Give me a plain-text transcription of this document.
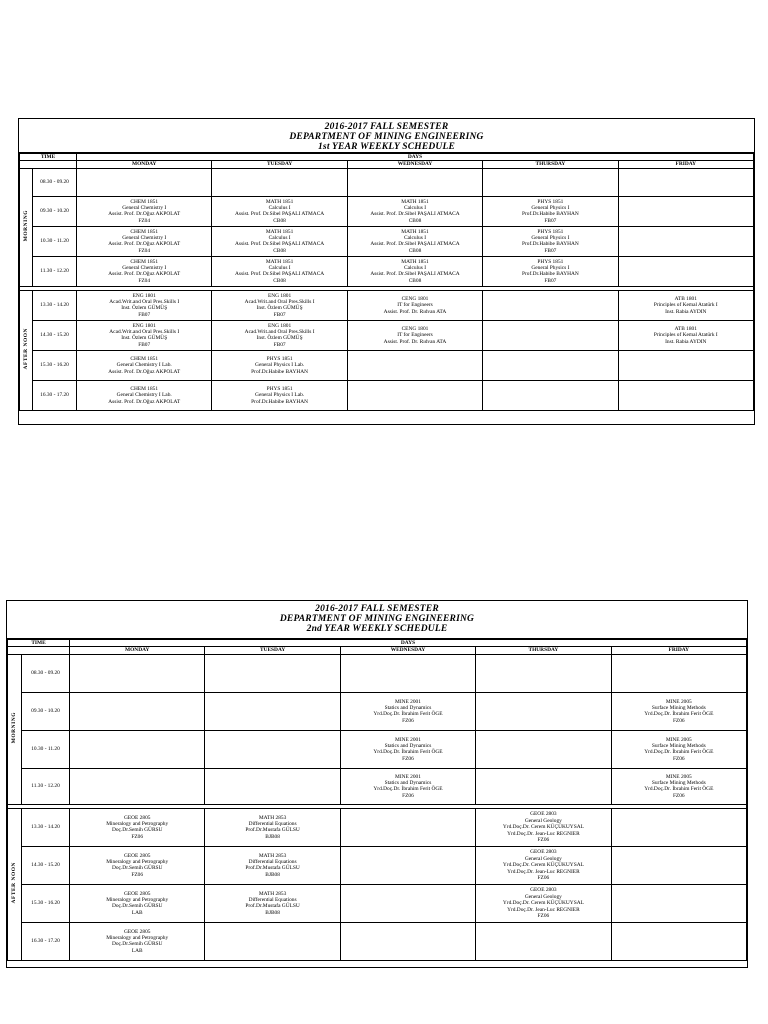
2016-2017 FALL SEMESTER
DEPARTMENT OF MINING ENGINEERING
1st YEAR WEEKLY SCHEDULE
TIME		DAYS				
		MONDAY	TUESDAY	WEDNESDAY	THURSDAY	FRIDAY
MORNING	08.30 - 09.20					
	09.30 - 10.20	CHEM 1851
General Chemistry I
Assist. Prof. Dr.Oğuz AKPOLAT
FZ04	MATH 1851
Calculus I
Assist. Prof. Dr.Sibel PAŞALI ATMACA
CB08	MATH 1851
Calculus I
Assist. Prof. Dr.Sibel PAŞALI ATMACA
CB08	PHYS 1851
General Physics I
Prof.Dr.Habibe BAYHAN
FB07	

	10.30 - 11.20	CHEM 1851
General Chemistry I
Assist. Prof. Dr.Oğuz AKPOLAT
FZ04	MATH 1851
Calculus I
Assist. Prof. Dr.Sibel PAŞALI ATMACA
CB08	MATH 1851
Calculus I
Assist. Prof. Dr.Sibel PAŞALI ATMACA
CB08	PHYS 1851
General Physics I
Prof.Dr.Habibe BAYHAN
FB07	

	11.30 - 12.20	CHEM 1851
General Chemistry I
Assist. Prof. Dr.Oğuz AKPOLAT
FZ04	MATH 1851
Calculus I
Assist. Prof. Dr.Sibel PAŞALI ATMACA
CB08	MATH 1851
Calculus I
Assist. Prof. Dr.Sibel PAŞALI ATMACA
CB08	PHYS 1851
General Physics I
Prof.Dr.Habibe BAYHAN
FB07	

AFTER NOON	13.30 - 14.20	ENG 1801
Acad.Writ.and Oral Pres.Skills I
Inst. Özlem GÜMÜŞ
FB07	ENG 1801
Acad.Writ.and Oral Pres.Skills I
Inst. Özlem GÜMÜŞ
FB07	CENG 1801
IT for Engineers
Assist. Prof. Dr. Rıdvan ATA		ATB 1801
Principles of Kemal Atatürk I
Inst. Rabia AYDIN

	14.30 - 15.20	ENG 1801
Acad.Writ.and Oral Pres.Skills I
Inst. Özlem GÜMÜŞ
FB07	ENG 1801
Acad.Writ.and Oral Pres.Skills I
Inst. Özlem GÜMÜŞ
FB07	CENG 1801
IT for Engineers
Assist. Prof. Dr. Rıdvan ATA		ATB 1801
Principles of Kemal Atatürk I
Inst. Rabia AYDIN

	15.30 - 16.20	CHEM 1851
General Chemistry I Lab.
Assist. Prof. Dr.Oğuz AKPOLAT	PHYS 1851
General Physics I Lab.
Prof.Dr.Habibe BAYHAN			

	16.30 - 17.20	CHEM 1851
General Chemistry I Lab.
Assist. Prof. Dr.Oğuz AKPOLAT	PHYS 1851
General Physics I Lab.
Prof.Dr.Habibe BAYHAN			

2016-2017 FALL SEMESTER
DEPARTMENT OF MINING ENGINEERING
2nd YEAR WEEKLY SCHEDULE
TIME		DAYS				
		MONDAY	TUESDAY	WEDNESDAY	THURSDAY	FRIDAY
MORNING	08.30 - 09.20					
	09.30 - 10.20			MINE 2001
Statics and Dynamics
Yrd.Doç.Dr. İbrahim Ferit ÖGE
FZ06		MINE 2005
Surface Mining Methods
Yrd.Doç.Dr. İbrahim Ferit ÖGE
FZ06

	10.30 - 11.20			MINE 2001
Statics and Dynamics
Yrd.Doç.Dr. İbrahim Ferit ÖGE
FZ06		MINE 2005
Surface Mining Methods
Yrd.Doç.Dr. İbrahim Ferit ÖGE
FZ06

	11.30 - 12.20			MINE 2001
Statics and Dynamics
Yrd.Doç.Dr. İbrahim Ferit ÖGE
FZ06		MINE 2005
Surface Mining Methods
Yrd.Doç.Dr. İbrahim Ferit ÖGE
FZ06

AFTER NOON	13.30 - 14.20	GEOE 2805
Mineralogy and Petrography
Doç.Dr.Semih GÜRSU
FZ06	MATH 2853
Differential Equations
Prof.Dr.Mustafa GÜLSU
BJB08		GEOE 2803
General Geology
Yrd.Doç.Dr. Cerem KÜÇÜKUYSAL
Yrd.Doç.Dr. Jean-Luc REGNIER
FZ06	

	14.30 - 15.20	GEOE 2805
Mineralogy and Petrography
Doç.Dr.Semih GÜRSU
FZ06	MATH 2853
Differential Equations
Prof.Dr.Mustafa GÜLSU
BJB08		GEOE 2803
General Geology
Yrd.Doç.Dr. Cerem KÜÇÜKUYSAL
Yrd.Doç.Dr. Jean-Luc REGNIER
FZ06	

	15.30 - 16.20	GEOE 2805
Mineralogy and Petrography
Doç.Dr.Semih GÜRSU
LAB	MATH 2853
Differential Equations
Prof.Dr.Mustafa GÜLSU
BJB08		GEOE 2803
General Geology
Yrd.Doç.Dr. Cerem KÜÇÜKUYSAL
Yrd.Doç.Dr. Jean-Luc REGNIER
FZ06	

	16.30 - 17.20	GEOE 2805
Mineralogy and Petrography
Doç.Dr.Semih GÜRSU
LAB				
